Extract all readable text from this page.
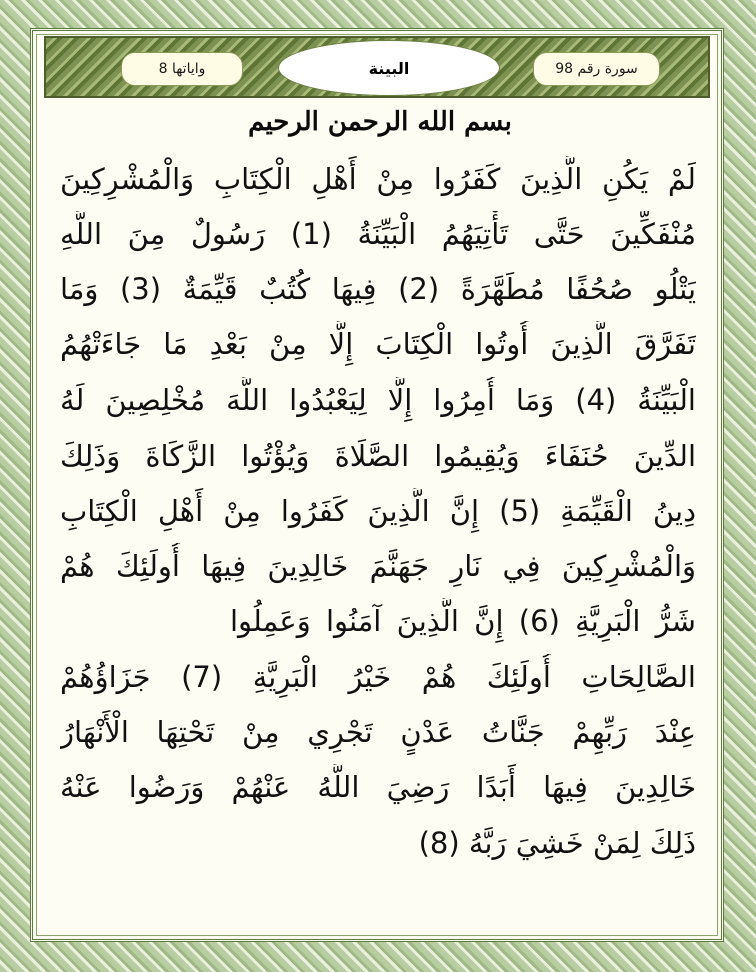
واياتها 8	البينة	سورة رقم 98
بسم الله الرحمن الرحيم
لَمْ يَكُنِ الَّذِينَ كَفَرُوا مِنْ أَهْلِ الْكِتَابِ وَالْمُشْرِكِينَ
مُنْفَكِّينَ حَتَّى تَأْتِيَهُمُ الْبَيِّنَةُ (1) رَسُولٌ مِنَ اللَّهِ
يَتْلُو صُحُفًا مُطَهَّرَةً (2) فِيهَا كُتُبٌ قَيِّمَةٌ (3) وَمَا
تَفَرَّقَ الَّذِينَ أُوتُوا الْكِتَابَ إِلَّا مِنْ بَعْدِ مَا جَاءَتْهُمُ
الْبَيِّنَةُ (4) وَمَا أُمِرُوا إِلَّا لِيَعْبُدُوا اللَّهَ مُخْلِصِينَ لَهُ
الدِّينَ حُنَفَاءَ وَيُقِيمُوا الصَّلَاةَ وَيُؤْتُوا الزَّكَاةَ وَذَلِكَ
دِينُ الْقَيِّمَةِ (5) إِنَّ الَّذِينَ كَفَرُوا مِنْ أَهْلِ الْكِتَابِ
وَالْمُشْرِكِينَ فِي نَارِ جَهَنَّمَ خَالِدِينَ فِيهَا أُولَئِكَ هُمْ
شَرُّ الْبَرِيَّةِ (6) إِنَّ الَّذِينَ آمَنُوا وَعَمِلُوا
الصَّالِحَاتِ أُولَئِكَ هُمْ خَيْرُ الْبَرِيَّةِ (7) جَزَاؤُهُمْ
عِنْدَ رَبِّهِمْ جَنَّاتُ عَدْنٍ تَجْرِي مِنْ تَحْتِهَا الْأَنْهَارُ
خَالِدِينَ فِيهَا أَبَدًا رَضِيَ اللَّهُ عَنْهُمْ وَرَضُوا عَنْهُ
ذَلِكَ لِمَنْ خَشِيَ رَبَّهُ (8)
